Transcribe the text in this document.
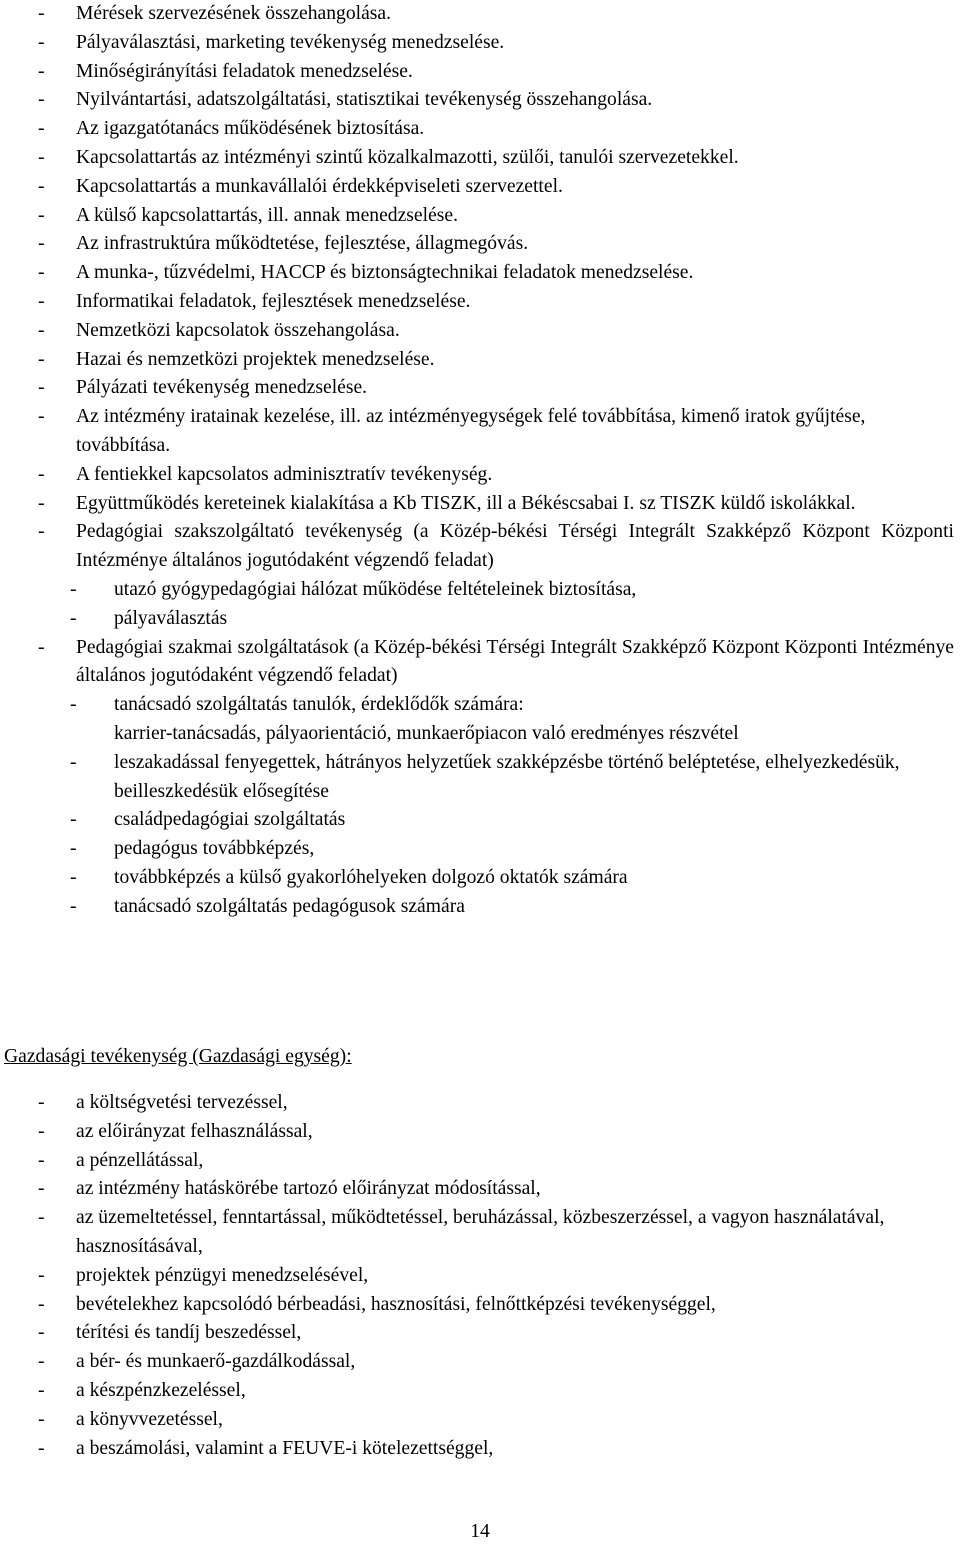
- Mérések szervezésének összehangolása.
- Pályaválasztási, marketing tevékenység menedzselése.
- Minőségirányítási feladatok menedzselése.
- Nyilvántartási, adatszolgáltatási, statisztikai tevékenység összehangolása.
- Az igazgatótanács működésének biztosítása.
- Kapcsolattartás az intézményi szintű közalkalmazotti, szülői, tanulói szervezetekkel.
- Kapcsolattartás a munkavállalói érdekképviseleti szervezettel.
- A külső kapcsolattartás, ill. annak menedzselése.
- Az infrastruktúra működtetése, fejlesztése, állagmegóvás.
- A munka-, tűzvédelmi, HACCP és biztonságtechnikai feladatok menedzselése.
- Informatikai feladatok, fejlesztések menedzselése.
- Nemzetközi kapcsolatok összehangolása.
- Hazai és nemzetközi projektek menedzselése.
- Pályázati tevékenység menedzselése.
- Az intézmény iratainak kezelése, ill. az intézményegységek felé továbbítása, kimenő iratok gyűjtése, továbbítása.
- A fentiekkel kapcsolatos adminisztratív tevékenység.
- Együttműködés kereteinek kialakítása a Kb TISZK, ill a Békéscsabai I. sz TISZK küldő iskolákkal.
- Pedagógiai szakszolgáltató tevékenység (a Közép-békési Térségi Integrált Szakképző Központ Központi Intézménye általános jogutódaként végzendő feladat)
- utazó gyógypedagógiai hálózat működése feltételeinek biztosítása,
- pályaválasztás
- Pedagógiai szakmai szolgáltatások (a Közép-békési Térségi Integrált Szakképző Központ Központi Intézménye általános jogutódaként végzendő feladat)
- tanácsadó szolgáltatás tanulók, érdeklődők számára:
karrier-tanácsadás, pályaorientáció, munkaerőpiacon való eredményes részvétel
- leszakadással fenyegettek, hátrányos helyzetűek szakképzésbe történő beléptetése, elhelyezkedésük, beilleszkedésük elősegítése
- családpedagógiai szolgáltatás
- pedagógus továbbképzés,
- továbbképzés a külső gyakorlóhelyeken dolgozó oktatók számára
- tanácsadó szolgáltatás pedagógusok számára
Gazdasági tevékenység (Gazdasági egység):
- a költségvetési tervezéssel,
- az előirányzat felhasználással,
- a pénzellátással,
- az intézmény hatáskörébe tartozó előirányzat módosítással,
- az üzemeltetéssel, fenntartással, működtetéssel, beruházással, közbeszerzéssel, a vagyon használatával, hasznosításával,
- projektek pénzügyi menedzselésével,
- bevételekhez kapcsolódó bérbeadási, hasznosítási, felnőttképzési tevékenységgel,
- térítési és tandíj beszedéssel,
- a bér- és munkaerő-gazdálkodással,
- a készpénzkezeléssel,
- a könyvvezetéssel,
- a beszámolási, valamint a FEUVE-i kötelezettséggel,
14
